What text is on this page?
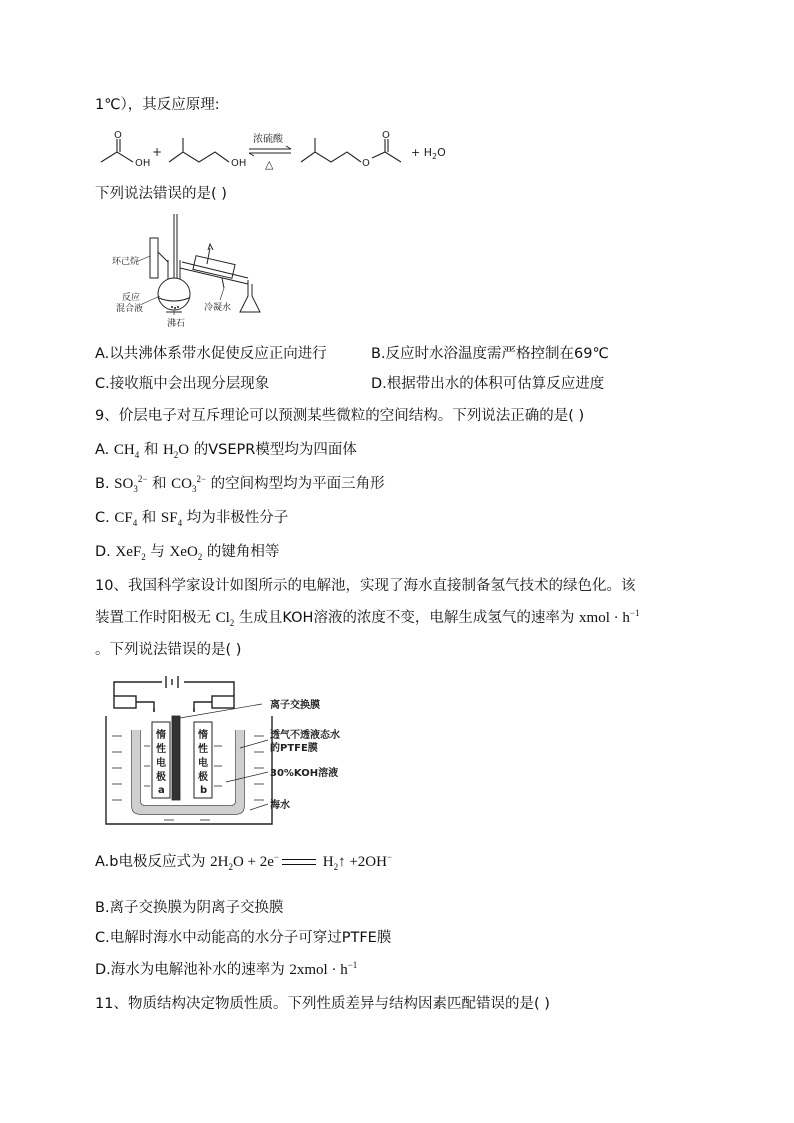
1℃），其反应原理:
O
OH
+
OH
浓硫酸
△	O
O
+ $H_2O$
下列说法错误的是( )
环己烷
反应
混合液
沸石
冷凝水
A.以共沸体系带水促使反应正向进行	B.反应时水浴温度需严格控制在69℃
C.接收瓶中会出现分层现象	D.根据带出水的体积可估算反应进度
9、价层电子对互斥理论可以预测某些微粒的空间结构。下列说法正确的是( )
A. $CH_4$ 和 $H_2O$ 的VSEPR模型均为四面体
B. $SO_3^{2-}$ 和 $CO_3^{2-}$ 的空间构型均为平面三角形
C. $CF_4$ 和 $SF_4$ 均为非极性分子
D. XeF$_2$ 与 XeO$_2$ 的键角相等
10、我国科学家设计如图所示的电解池，实现了海水直接制备氢气技术的绿色化。该
装置工作时阳极无 $Cl_2$ 生成且KOH溶液的浓度不变，电解生成氢气的速率为 xmol · $h^{-1}$
。下列说法错误的是( )
惰
性
电
极
a
惰
性
电
极
b
离子交换膜
透气不透液态水
的PTFE膜
30%KOH溶液
海水
A.b电极反应式为 $2H_2O + 2e^-$	$H_2↑ +2OH^-$
B.离子交换膜为阴离子交换膜
C.电解时海水中动能高的水分子可穿过PTFE膜
D.海水为电解池补水的速率为 2xmol · $h^{-1}$
11、物质结构决定物质性质。下列性质差异与结构因素匹配错误的是( )
